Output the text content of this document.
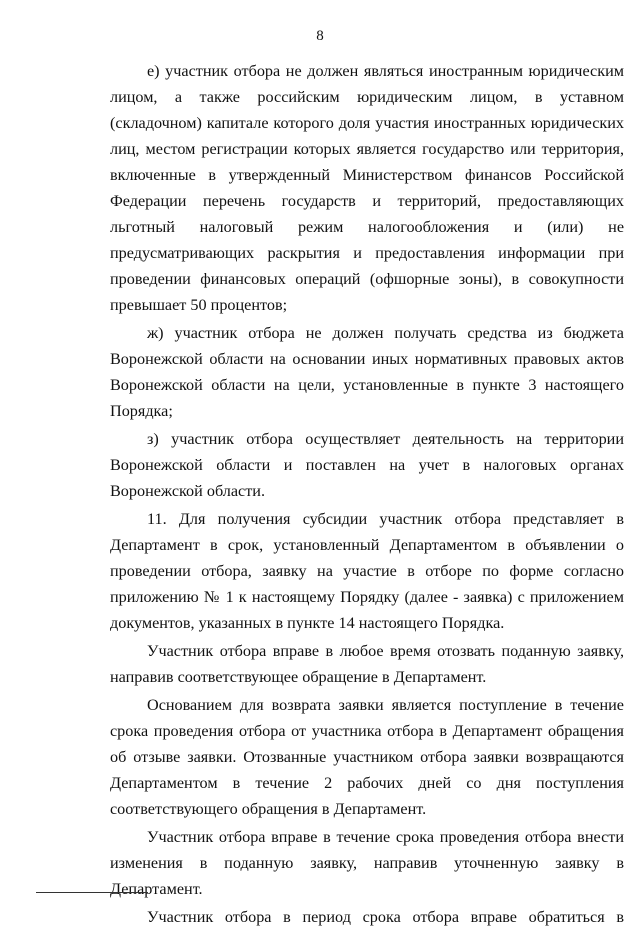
8

е) участник отбора не должен являться иностранным юридическим лицом, а также российским юридическим лицом, в уставном (складочном) капитале которого доля участия иностранных юридических лиц, местом регистрации которых является государство или территория, включенные в утвержденный Министерством финансов Российской Федерации перечень государств и территорий, предоставляющих льготный налоговый режим налогообложения и (или) не предусматривающих раскрытия и предоставления информации при проведении финансовых операций (офшорные зоны), в совокупности превышает 50 процентов;

ж) участник отбора не должен получать средства из бюджета Воронежской области на основании иных нормативных правовых актов Воронежской области на цели, установленные в пункте 3 настоящего Порядка;

з) участник отбора осуществляет деятельность на территории Воронежской области и поставлен на учет в налоговых органах Воронежской области.

11. Для получения субсидии участник отбора представляет в Департамент в срок, установленный Департаментом в объявлении о проведении отбора, заявку на участие в отборе по форме согласно приложению № 1 к настоящему Порядку (далее - заявка) с приложением документов, указанных в пункте 14 настоящего Порядка.

Участник отбора вправе в любое время отозвать поданную заявку, направив соответствующее обращение в Департамент.

Основанием для возврата заявки является поступление в течение срока проведения отбора от участника отбора в Департамент обращения об отзыве заявки. Отозванные участником отбора заявки возвращаются Департаментом в течение 2 рабочих дней со дня поступления соответствующего обращения в Департамент.

Участник отбора вправе в течение срока проведения отбора внести изменения в поданную заявку, направив уточненную заявку в Департамент.

Участник отбора в период срока отбора вправе обратиться в
